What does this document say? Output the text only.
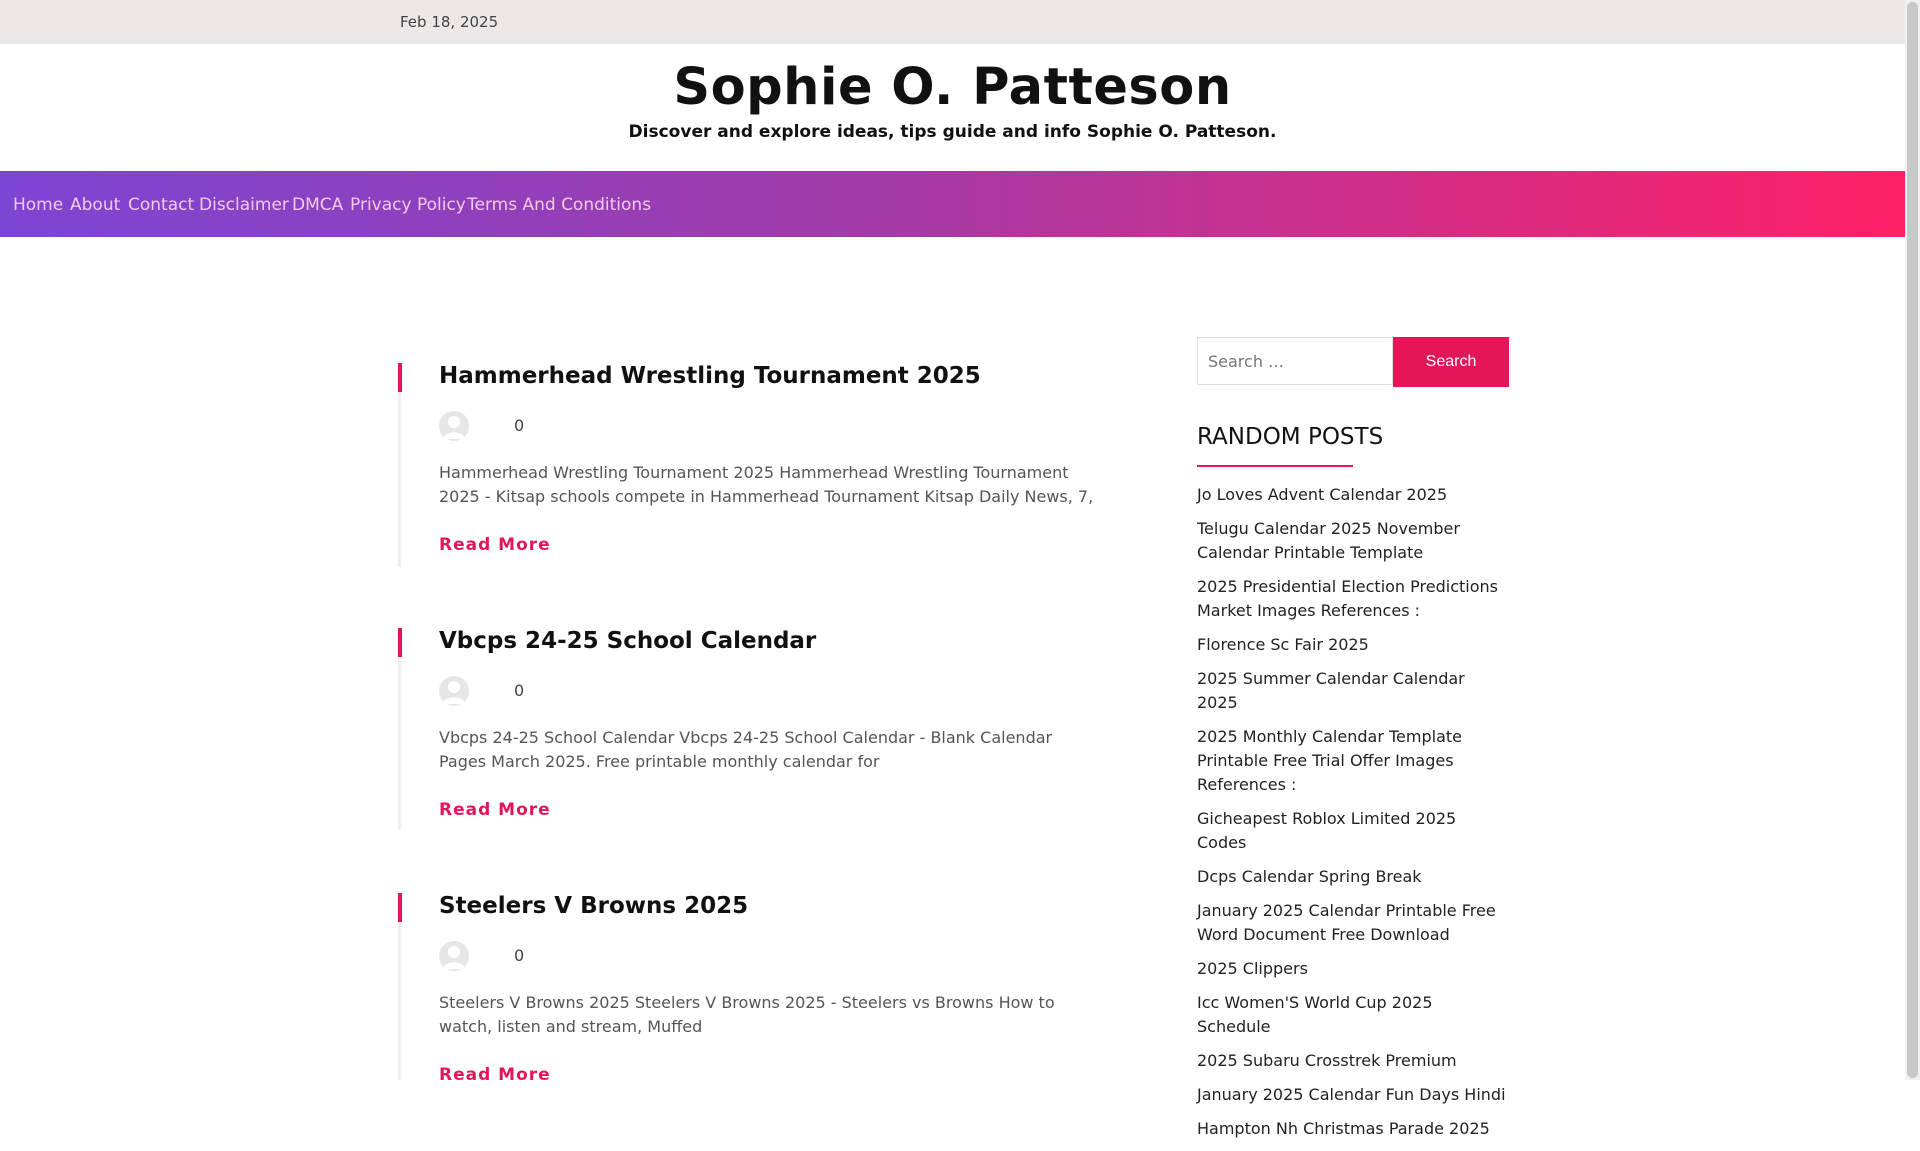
Feb 18, 2025
Sophie O. Patteson
Discover and explore ideas, tips guide and info Sophie O. Patteson.
Home About Contact Disclaimer DMCA Privacy Policy Terms And Conditions
Hammerhead Wrestling Tournament 2025
0
Hammerhead Wrestling Tournament 2025 Hammerhead Wrestling Tournament 2025 - Kitsap schools compete in Hammerhead Tournament Kitsap Daily News, 7,
Read More
Vbcps 24-25 School Calendar
0
Vbcps 24-25 School Calendar Vbcps 24-25 School Calendar - Blank Calendar Pages March 2025. Free printable monthly calendar for
Read More
Steelers V Browns 2025
0
Steelers V Browns 2025 Steelers V Browns 2025 - Steelers vs Browns How to watch, listen and stream, Muffed
Read More
Search …
Search
RANDOM POSTS
Jo Loves Advent Calendar 2025
Telugu Calendar 2025 November Calendar Printable Template
2025 Presidential Election Predictions Market Images References :
Florence Sc Fair 2025
2025 Summer Calendar Calendar 2025
2025 Monthly Calendar Template Printable Free Trial Offer Images References :
Gicheapest Roblox Limited 2025 Codes
Dcps Calendar Spring Break
January 2025 Calendar Printable Free Word Document Free Download
2025 Clippers
Icc Women'S World Cup 2025 Schedule
2025 Subaru Crosstrek Premium
January 2025 Calendar Fun Days Hindi
Hampton Nh Christmas Parade 2025
